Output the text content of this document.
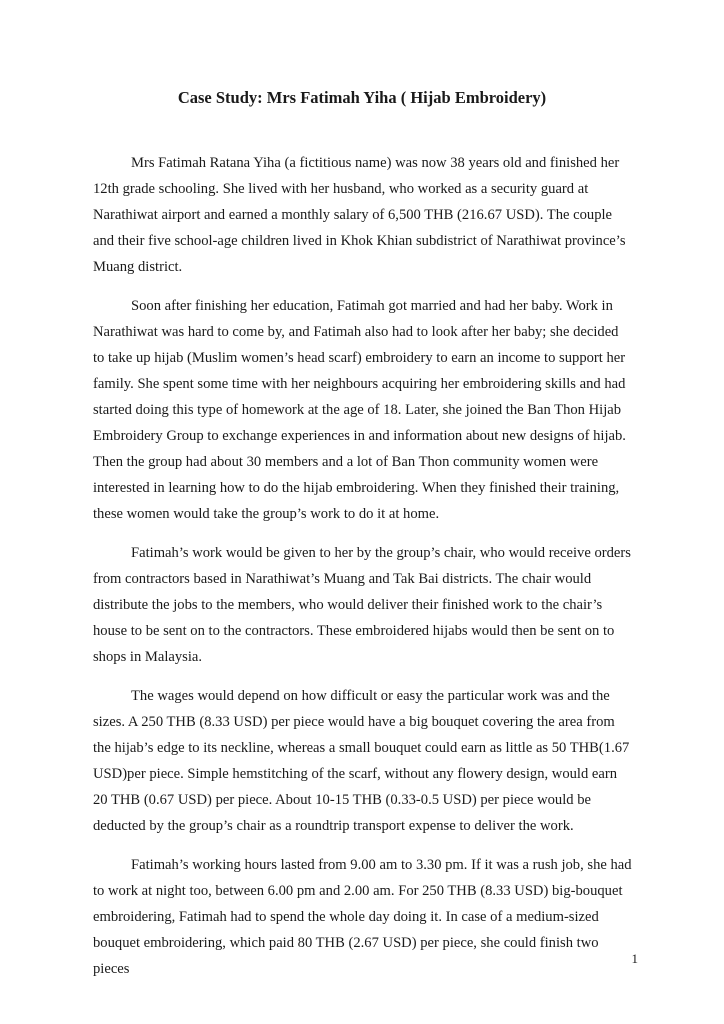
Case Study: Mrs Fatimah Yiha ( Hijab Embroidery)

Mrs Fatimah Ratana Yiha (a fictitious name) was now 38 years old and finished her 12th grade schooling. She lived with her husband, who worked as a security guard at Narathiwat airport and earned a monthly salary of 6,500 THB (216.67 USD). The couple and their five school-age children lived in Khok Khian subdistrict of Narathiwat province’s Muang district.

Soon after finishing her education, Fatimah got married and had her baby. Work in Narathiwat was hard to come by, and Fatimah also had to look after her baby; she decided to take up hijab (Muslim women’s head scarf) embroidery to earn an income to support her family. She spent some time with her neighbours acquiring her embroidering skills and had started doing this type of homework at the age of 18. Later, she joined the Ban Thon Hijab Embroidery Group to exchange experiences in and information about new designs of hijab. Then the group had about 30 members and a lot of Ban Thon community women were interested in learning how to do the hijab embroidering. When they finished their training, these women would take the group’s work to do it at home.

Fatimah’s work would be given to her by the group’s chair, who would receive orders from contractors based in Narathiwat’s Muang and Tak Bai districts. The chair would distribute the jobs to the members, who would deliver their finished work to the chair’s house to be sent on to the contractors. These embroidered hijabs would then be sent on to shops in Malaysia.

The wages would depend on how difficult or easy the particular work was and the sizes. A 250 THB (8.33 USD) per piece would have a big bouquet covering the area from the hijab’s edge to its neckline, whereas a small bouquet could earn as little as 50 THB(1.67 USD)per piece. Simple hemstitching of the scarf, without any flowery design, would earn 20 THB (0.67 USD) per piece. About 10-15 THB (0.33-0.5 USD) per piece would be deducted by the group’s chair as a roundtrip transport expense to deliver the work.

Fatimah’s working hours lasted from 9.00 am to 3.30 pm. If it was a rush job, she had to work at night too, between 6.00 pm and 2.00 am. For 250 THB (8.33 USD) big-bouquet embroidering, Fatimah had to spend the whole day doing it. In case of a medium-sized bouquet embroidering, which paid 80 THB (2.67 USD) per piece, she could finish two pieces

1
